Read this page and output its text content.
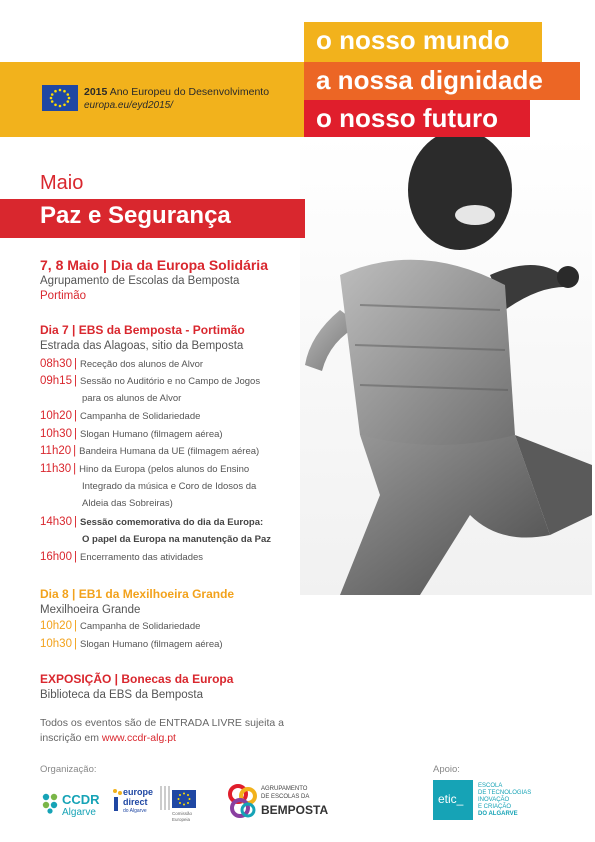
2015 Ano Europeu do Desenvolvimento
europa.eu/eyd2015/
o nosso mundo
a nossa dignidade
o nosso futuro
Maio
Paz e Segurança
7, 8 Maio | Dia da Europa Solidária
Agrupamento de Escolas da Bemposta
Portimão
Dia 7 | EBS da Bemposta - Portimão
Estrada das Alagoas, sitio da Bemposta
08h30 | Receção dos alunos de Alvor
09h15 | Sessão no Auditório e no Campo de Jogos
para os alunos de Alvor
10h20 | Campanha de Solidariedade
10h30 | Slogan Humano (filmagem aérea)
11h20 | Bandeira Humana da UE (filmagem aérea)
11h30 | Hino da Europa (pelos alunos do Ensino
Integrado da música e Coro de Idosos da
Aldeia das Sobreiras)
14h30 | Sessão comemorativa do dia da Europa:
O papel da Europa na manutenção da Paz
16h00 | Encerramento das atividades
Dia 8 | EB1 da Mexilhoeira Grande
Mexilhoeira Grande
10h20 | Campanha de Solidariedade
10h30 | Slogan Humano (filmagem aérea)
EXPOSIÇÃO | Bonecas da Europa
Biblioteca da EBS da Bemposta
Todos os eventos são de ENTRADA LIVRE sujeita a
inscrição em www.ccdr-alg.pt
Organização:	Apoio:
CCDR
Algarve
europe
direct
do Algarve	Comissão
Europeia
AGRUPAMENTO
DE ESCOLAS DA
BEMPOSTA
etic_
ESCOLA
DE TECNOLOGIAS
INOVAÇÃO
E CRIAÇÃO
DO ALGARVE
